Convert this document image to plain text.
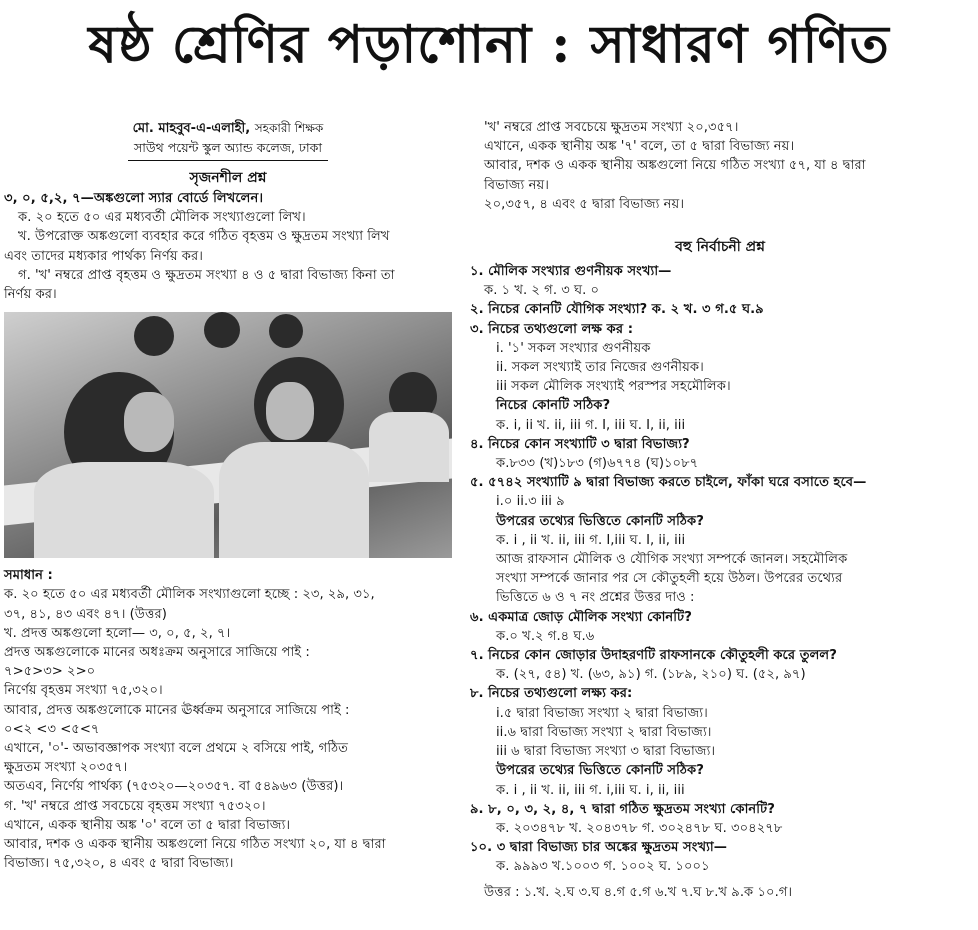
ষষ্ঠ শ্রেণির পড়াশোনা : সাধারণ গণিত
মো. মাহবুব-এ-এলাহী, সহকারী শিক্ষক
সাউথ পয়েন্ট স্কুল অ্যান্ড কলেজ, ঢাকা
সৃজনশীল প্রশ্ন
৩, ০, ৫,২, ৭—অঙ্কগুলো স্যার বোর্ডে লিখলেন।
ক. ২০ হতে ৫০ এর মধ্যবর্তী মৌলিক সংখ্যাগুলো লিখ।
খ. উপরোক্ত অঙ্কগুলো ব্যবহার করে গঠিত বৃহত্তম ও ক্ষুদ্রতম সংখ্যা লিখ
এবং তাদের মধ্যকার পার্থক্য নির্ণয় কর।
গ. 'খ' নম্বরে প্রাপ্ত বৃহত্তম ও ক্ষুদ্রতম সংখ্যা ৪ ও ৫ দ্বারা বিভাজ্য কিনা তা
নির্ণয় কর।
সমাধান :
ক. ২০ হতে ৫০ এর মধ্যবর্তী মৌলিক সংখ্যাগুলো হচ্ছে : ২৩, ২৯, ৩১,
৩৭, ৪১, ৪৩ এবং ৪৭। (উত্তর)
খ. প্রদত্ত অঙ্কগুলো হলো— ৩, ০, ৫, ২, ৭।
প্রদত্ত অঙ্কগুলোকে মানের অধঃক্রম অনুসারে সাজিয়ে পাই :
৭>৫>৩> ২>০
নির্ণেয় বৃহত্তম সংখ্যা ৭৫,৩২০।
আবার, প্রদত্ত অঙ্কগুলোকে মানের ঊর্ধ্বক্রম অনুসারে সাজিয়ে পাই :
০<২ <৩ <৫<৭
এখানে, '০'- অভাবজ্ঞাপক সংখ্যা বলে প্রথমে ২ বসিয়ে পাই, গঠিত
ক্ষুদ্রতম সংখ্যা ২০৩৫৭।
অতএব, নির্ণেয় পার্থক্য (৭৫৩২০—২০৩৫৭. বা ৫৪৯৬৩ (উত্তর)।
গ. 'খ' নম্বরে প্রাপ্ত সবচেয়ে বৃহত্তম সংখ্যা ৭৫৩২০।
এখানে, একক স্থানীয় অঙ্ক '০' বলে তা ৫ দ্বারা বিভাজ্য।
আবার, দশক ও একক স্থানীয় অঙ্কগুলো নিয়ে গঠিত সংখ্যা ২০, যা ৪ দ্বারা
বিভাজ্য। ৭৫,৩২০, ৪ এবং ৫ দ্বারা বিভাজ্য।
'খ' নম্বরে প্রাপ্ত সবচেয়ে ক্ষুদ্রতম সংখ্যা ২০,৩৫৭।
এখানে, একক স্থানীয় অঙ্ক '৭' বলে, তা ৫ দ্বারা বিভাজ্য নয়।
আবার, দশক ও একক স্থানীয় অঙ্কগুলো নিয়ে গঠিত সংখ্যা ৫৭, যা ৪ দ্বারা
বিভাজ্য নয়।
২০,৩৫৭, ৪ এবং ৫ দ্বারা বিভাজ্য নয়।
বহু নির্বাচনী প্রশ্ন
১. মৌলিক সংখ্যার গুণনীয়ক সংখ্যা—
ক. ১ খ. ২ গ. ৩ ঘ. ০
২. নিচের কোনটি যৌগিক সংখ্যা? ক. ২ খ. ৩ গ.৫ ঘ.৯
৩. নিচের তথ্যগুলো লক্ষ কর :
i. '১' সকল সংখ্যার গুণনীয়ক
ii. সকল সংখ্যাই তার নিজের গুণনীয়ক।
iii সকল মৌলিক সংখ্যাই পরস্পর সহমৌলিক।
নিচের কোনটি সঠিক?
ক. i, ii খ. ii, iii গ. I, iii ঘ. I, ii, iii
৪. নিচের কোন সংখ্যাটি ৩ দ্বারা বিভাজ্য?
ক.৮৩৩ (খ)১৮৩ (গ)৬৭৭৪ (ঘ)১০৮৭
৫. ৫৭৪২ সংখ্যাটি ৯ দ্বারা বিভাজ্য করতে চাইলে, ফাঁকা ঘরে বসাতে হবে—
i.০ ii.৩ iii ৯
উপরের তথ্যের ভিত্তিতে কোনটি সঠিক?
ক. i , ii খ. ii, iii গ. I,iii ঘ. I, ii, iii
আজ রাফসান মৌলিক ও যৌগিক সংখ্যা সম্পর্কে জানল। সহমৌলিক
সংখ্যা সম্পর্কে জানার পর সে কৌতুহলী হয়ে উঠল। উপরের তথ্যের
ভিত্তিতে ৬ ও ৭ নং প্রশ্নের উত্তর দাও :
৬. একমাত্র জোড় মৌলিক সংখ্যা কোনটি?
ক.০ খ.২ গ.৪ ঘ.৬
৭. নিচের কোন জোড়ার উদাহরণটি রাফসানকে কৌতুহলী করে তুলল?
ক. (২৭, ৫৪) খ. (৬৩, ৯১) গ. (১৮৯, ২১০) ঘ. (৫২, ৯৭)
৮. নিচের তথ্যগুলো লক্ষ্য কর:
i.৫ দ্বারা বিভাজ্য সংখ্যা ২ দ্বারা বিভাজ্য।
ii.৬ দ্বারা বিভাজ্য সংখ্যা ২ দ্বারা বিভাজ্য।
iii ৬ দ্বারা বিভাজ্য সংখ্যা ৩ দ্বারা বিভাজ্য।
উপরের তথ্যের ভিত্তিতে কোনটি সঠিক?
ক. i , ii খ. ii, iii গ. i,iii ঘ. i, ii, iii
৯. ৮, ০, ৩, ২, ৪, ৭ দ্বারা গঠিত ক্ষুদ্রতম সংখ্যা কোনটি?
ক. ২০৩৪৭৮ খ. ২০৪৩৭৮ গ. ৩০২৪৭৮ ঘ. ৩০৪২৭৮
১০. ৩ দ্বারা বিভাজ্য চার অঙ্কের ক্ষুদ্রতম সংখ্যা—
ক. ৯৯৯৩ খ.১০০৩ গ. ১০০২ ঘ. ১০০১
উত্তর : ১.খ. ২.ঘ ৩.ঘ ৪.গ ৫.গ ৬.খ ৭.ঘ ৮.খ ৯.ক ১০.গ।
